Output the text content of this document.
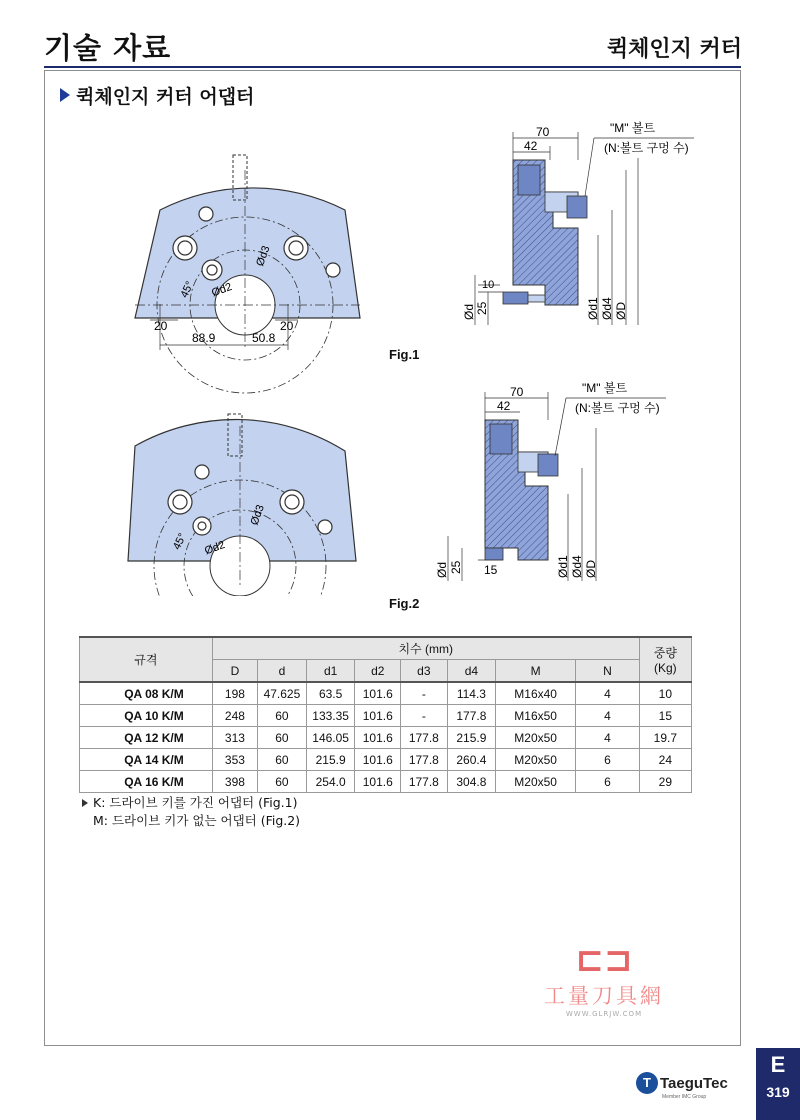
기술 자료	퀵체인지 커터
퀵체인지 커터 어댑터
20	20
88.9	50.8
45° Ød2
Ød3
70
42
"M" 볼트
(N:볼트 구멍 수)
10
Ød 25	Ød1 Ød4 ØD
Fig.1
45° Ød2
Ød3
70
42
"M" 볼트
(N:볼트 구멍 수)
Ød 25 15	Ød1 Ød4 ØD
Fig.2
규격	치수 (mm)								중량
(Kg)

	D	d	d1	d2	d3	d4	M	N	
QA 08 K/M	198	47.625	63.5	101.6	-	114.3	M16x40	4	10
QA 10 K/M	248	60	133.35	101.6	-	177.8	M16x50	4	15
QA 12 K/M	313	60	146.05	101.6	177.8	215.9	M20x50	4	19.7
QA 14 K/M	353	60	215.9	101.6	177.8	260.4	M20x50	6	24
QA 16 K/M	398	60	254.0	101.6	177.8	304.8	M20x50	6	29
K: 드라이브 키를 가진 어댑터 (Fig.1)
M: 드라이브 키가 없는 어댑터 (Fig.2)
⊏⊐
工量刀具網
WWW.GLRJW.COM
T TaeguTec
Member IMC Group
E
319
